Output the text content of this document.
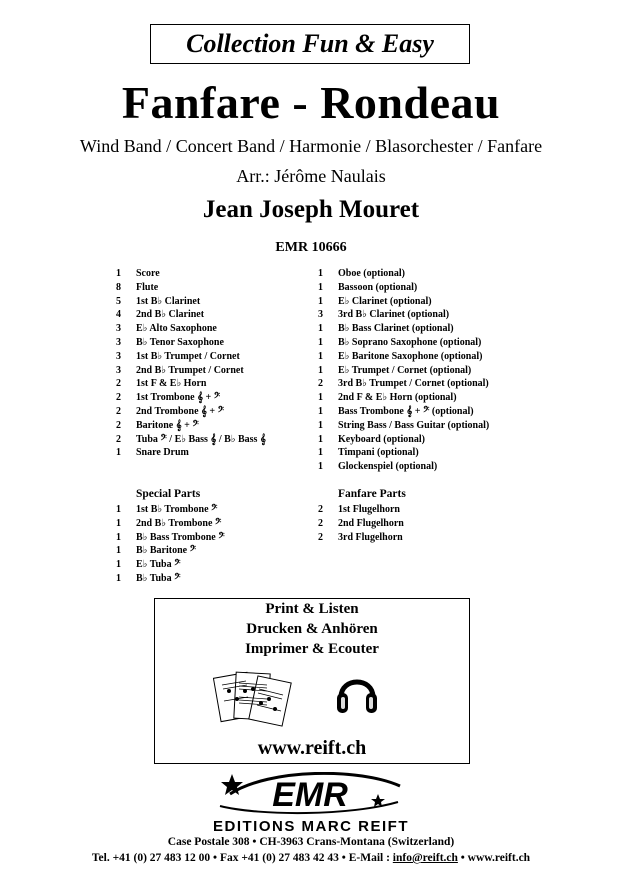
Collection Fun & Easy
Fanfare - Rondeau
Wind Band / Concert Band / Harmonie / Blasorchester / Fanfare
Arr.: Jérôme Naulais
Jean Joseph Mouret
EMR 10666
1	Score
8	Flute
5	1st B♭ Clarinet
4	2nd B♭ Clarinet
3	E♭ Alto Saxophone
3	B♭ Tenor Saxophone
3	1st B♭ Trumpet / Cornet
3	2nd B♭ Trumpet / Cornet
2	1st F & E♭ Horn
2	1st Trombone 𝄞 + 𝄢
2	2nd Trombone 𝄞 + 𝄢
2	Baritone 𝄞 + 𝄢
2	Tuba 𝄢 / E♭ Bass 𝄞 / B♭ Bass 𝄞
1	Snare Drum
1	Oboe (optional)
1	Bassoon (optional)
1	E♭ Clarinet (optional)
3	3rd B♭ Clarinet (optional)
1	B♭ Bass Clarinet (optional)
1	B♭ Soprano Saxophone (optional)
1	E♭ Baritone Saxophone (optional)
1	E♭ Trumpet / Cornet (optional)
2	3rd B♭ Trumpet / Cornet (optional)
1	2nd F & E♭ Horn (optional)
1	Bass Trombone 𝄞 + 𝄢 (optional)
1	String Bass / Bass Guitar (optional)
1	Keyboard (optional)
1	Timpani (optional)
1	Glockenspiel (optional)
Special Parts
1	1st B♭ Trombone 𝄢
1	2nd B♭ Trombone 𝄢
1	B♭ Bass Trombone 𝄢
1	B♭ Baritone 𝄢
1	E♭ Tuba 𝄢
1	B♭ Tuba 𝄢
Fanfare Parts
2	1st Flugelhorn
2	2nd Flugelhorn
2	3rd Flugelhorn
Print & Listen
Drucken & Anhören
Imprimer & Ecouter
www.reift.ch
EMR
EDITIONS MARC REIFT
Case Postale 308 • CH-3963 Crans-Montana (Switzerland)
Tel. +41 (0) 27 483 12 00 • Fax +41 (0) 27 483 42 43 • E-Mail : info@reift.ch • www.reift.ch
